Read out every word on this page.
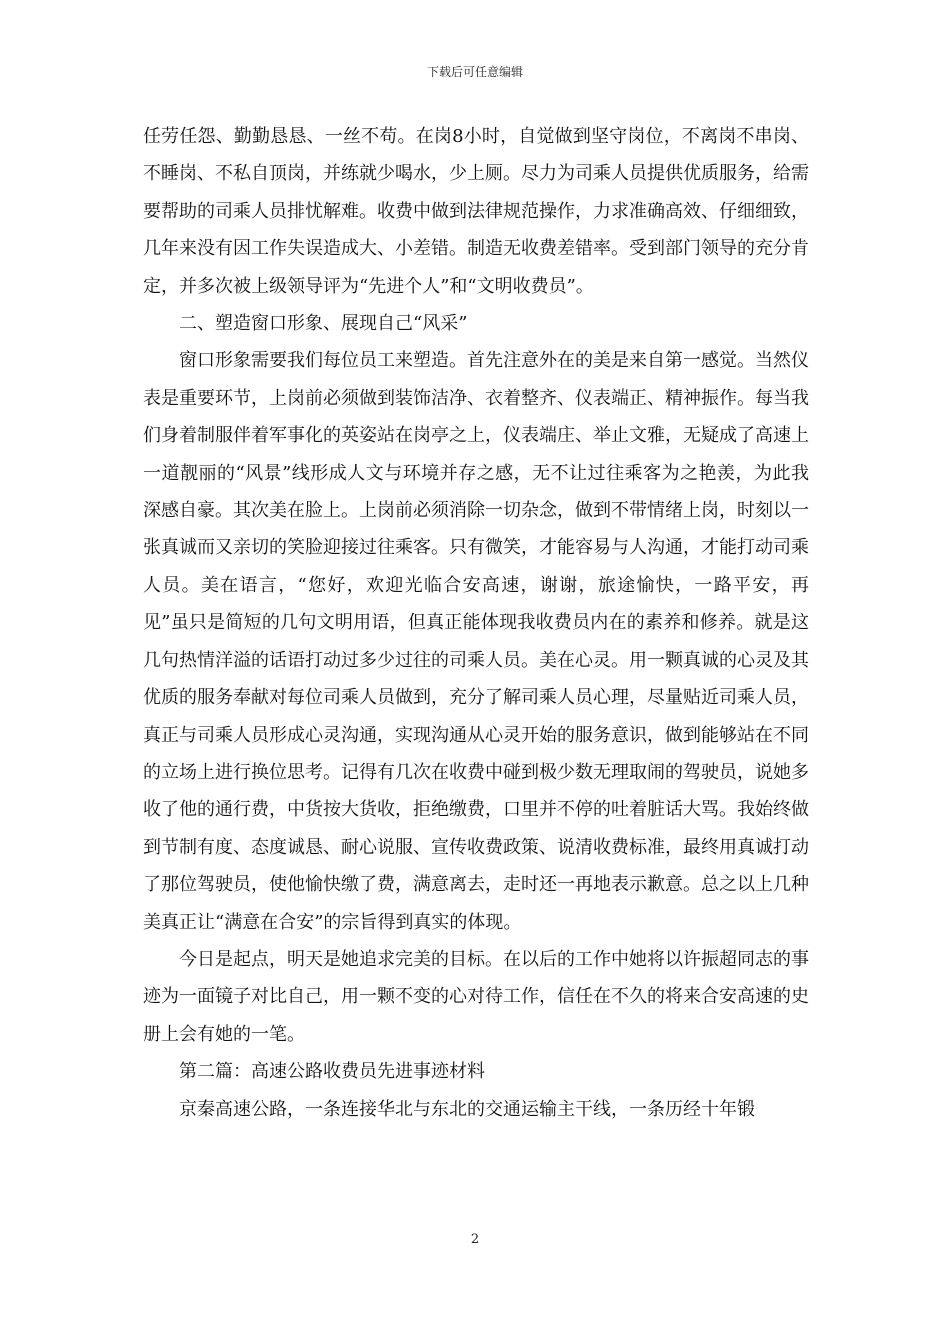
下载后可任意编辑

任劳任怨、勤勤恳恳、一丝不苟。在岗8小时，自觉做到坚守岗位，不离岗不串岗、不睡岗、不私自顶岗，并练就少喝水，少上厕。尽力为司乘人员提供优质服务，给需要帮助的司乘人员排忧解难。收费中做到法律规范操作，力求准确高效、仔细细致，几年来没有因工作失误造成大、小差错。制造无收费差错率。受到部门领导的充分肯定，并多次被上级领导评为“先进个人”和“文明收费员”。

二、塑造窗口形象、展现自己“风采”

窗口形象需要我们每位员工来塑造。首先注意外在的美是来自第一感觉。当然仪表是重要环节，上岗前必须做到装饰洁净、衣着整齐、仪表端正、精神振作。每当我们身着制服伴着军事化的英姿站在岗亭之上，仪表端庄、举止文雅，无疑成了高速上一道靓丽的“风景”线形成人文与环境并存之感，无不让过往乘客为之艳羡，为此我深感自豪。其次美在脸上。上岗前必须消除一切杂念，做到不带情绪上岗，时刻以一张真诚而又亲切的笑脸迎接过往乘客。只有微笑，才能容易与人沟通，才能打动司乘人员。美在语言，“您好，欢迎光临合安高速，谢谢，旅途愉快，一路平安，再见”虽只是简短的几句文明用语，但真正能体现我收费员内在的素养和修养。就是这几句热情洋溢的话语打动过多少过往的司乘人员。美在心灵。用一颗真诚的心灵及其优质的服务奉献对每位司乘人员做到，充分了解司乘人员心理，尽量贴近司乘人员，真正与司乘人员形成心灵沟通，实现沟通从心灵开始的服务意识，做到能够站在不同的立场上进行换位思考。记得有几次在收费中碰到极少数无理取闹的驾驶员，说她多收了他的通行费，中货按大货收，拒绝缴费，口里并不停的吐着脏话大骂。我始终做到节制有度、态度诚恳、耐心说服、宣传收费政策、说清收费标准，最终用真诚打动了那位驾驶员，使他愉快缴了费，满意离去，走时还一再地表示歉意。总之以上几种美真正让“满意在合安”的宗旨得到真实的体现。

今日是起点，明天是她追求完美的目标。在以后的工作中她将以许振超同志的事迹为一面镜子对比自己，用一颗不变的心对待工作，信任在不久的将来合安高速的史册上会有她的一笔。

第二篇：高速公路收费员先进事迹材料

京秦高速公路，一条连接华北与东北的交通运输主干线，一条历经十年锻

2
